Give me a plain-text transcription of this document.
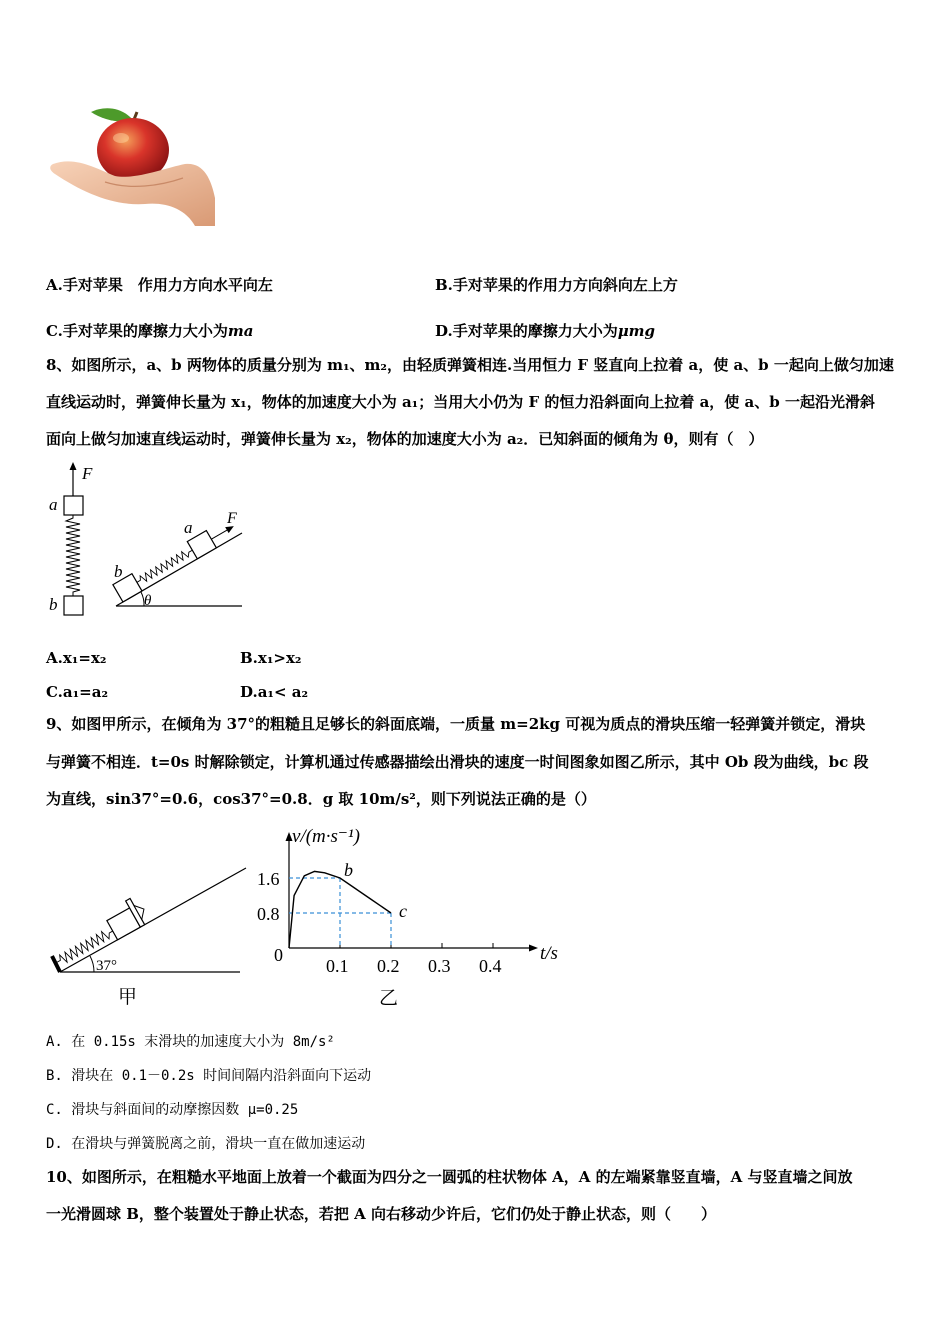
A.手对苹果　作用力方向水平向左	B.手对苹果的作用力方向斜向左上方
C.手对苹果的摩擦力大小为ma	D.手对苹果的摩擦力大小为μmg
8、如图所示，a、b 两物体的质量分别为 m₁、m₂，由轻质弹簧相连.当用恒力 F 竖直向上拉着 a，使 a、b 一起向上做匀加速
直线运动时，弹簧伸长量为 x₁，物体的加速度大小为 a₁；当用大小仍为 F 的恒力沿斜面向上拉着 a，使 a、b 一起沿光滑斜
面向上做匀加速直线运动时，弹簧伸长量为 x₂，物体的加速度大小为 a₂．已知斜面的倾角为 θ，则有（　）
F
a
b	θ
b
a F
A.x₁=x₂	B.x₁>x₂
C.a₁=a₂	D.a₁< a₂
9、如图甲所示，在倾角为 37°的粗糙且足够长的斜面底端，一质量 m=2kg 可视为质点的滑块压缩一轻弹簧并锁定，滑块
与弹簧不相连．t=0s 时解除锁定，计算机通过传感器描绘出滑块的速度一时间图象如图乙所示，其中 Ob 段为曲线，bc 段
为直线，sin37°=0.6，cos37°=0.8．g 取 10m/s²，则下列说法正确的是（）
37°
甲
v/(m·s⁻¹)
t/s
0
0.1 0.2 0.3 0.4
0.8
1.6	b
c
乙
A. 在 0.15s 末滑块的加速度大小为 8m/s²
B. 滑块在 0.1－0.2s 时间间隔内沿斜面向下运动
C. 滑块与斜面间的动摩擦因数 μ=0.25
D. 在滑块与弹簧脱离之前，滑块一直在做加速运动
10、如图所示，在粗糙水平地面上放着一个截面为四分之一圆弧的柱状物体 A，A 的左端紧靠竖直墙，A 与竖直墙之间放
一光滑圆球 B，整个装置处于静止状态，若把 A 向右移动少许后，它们仍处于静止状态，则（　　）
